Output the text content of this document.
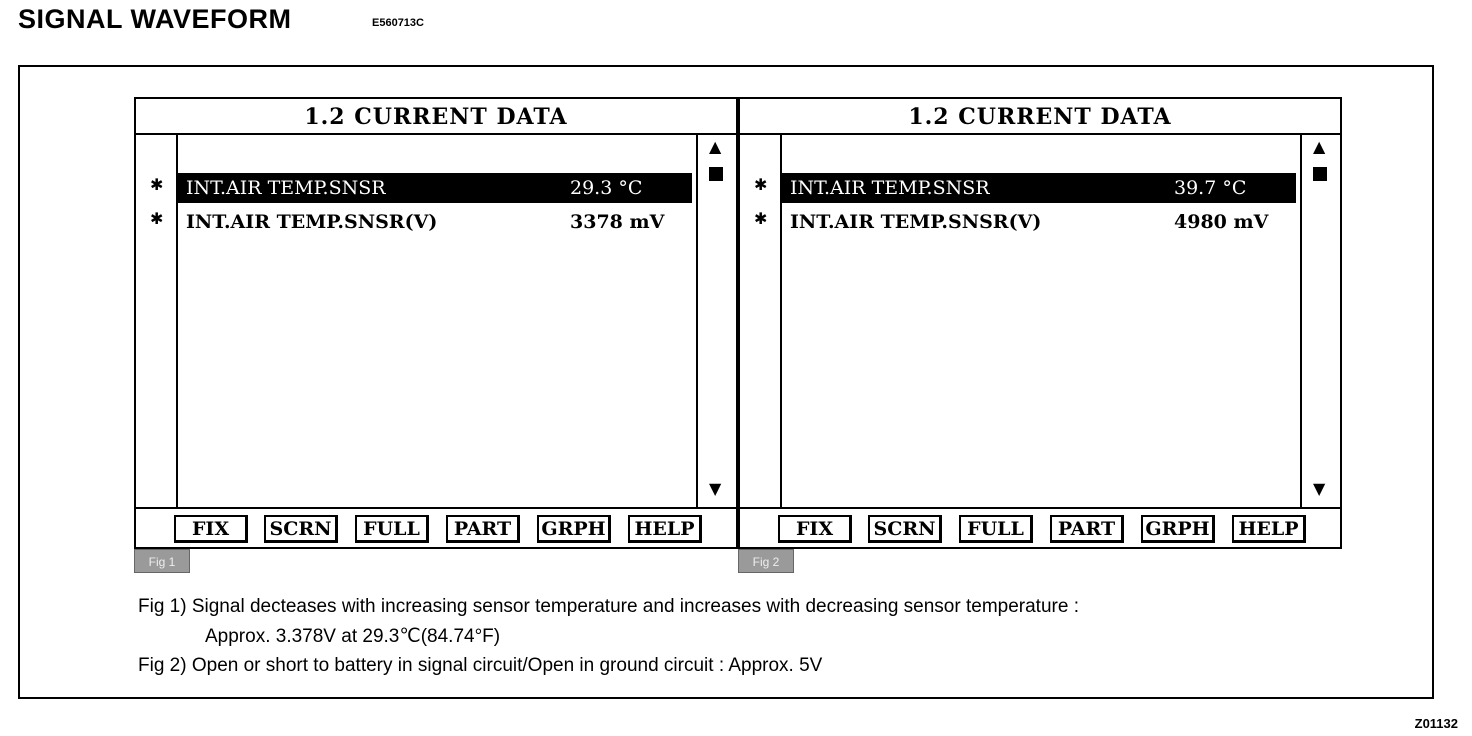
SIGNAL WAVEFORM	E560713C
1.2 CURRENT DATA
✱
✱
INT.AIR TEMP.SNSR	29.3 °C
INT.AIR TEMP.SNSR(V)	3378 mV
▲
▼
FIX	SCRN	FULL	PART	GRPH	HELP
1.2 CURRENT DATA
✱
✱
INT.AIR TEMP.SNSR	39.7 °C
INT.AIR TEMP.SNSR(V)	4980 mV
▲
▼
FIX	SCRN	FULL	PART	GRPH	HELP
Fig 1	Fig 2
Fig 1) Signal decteases with increasing sensor temperature and increases with decreasing sensor temperature :
Approx. 3.378V at 29.3℃(84.74°F)
Fig 2) Open or short to battery in signal circuit/Open in ground circuit : Approx. 5V
Z01132
